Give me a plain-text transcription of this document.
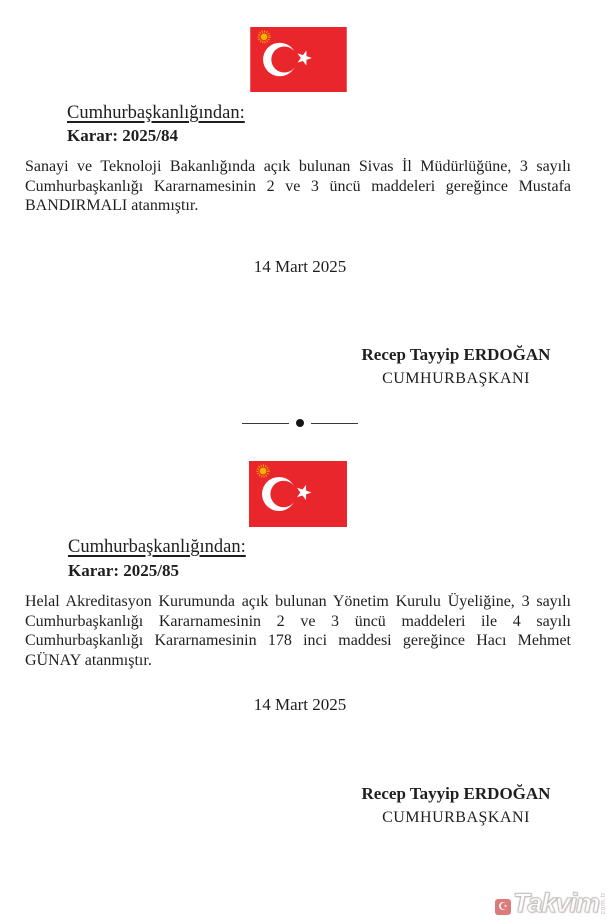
Cumhurbaşkanlığından:
Karar: 2025/84

Sanayi ve Teknoloji Bakanlığında açık bulunan Sivas İl Müdürlüğüne, 3 sayılı Cumhurbaşkanlığı Kararnamesinin 2 ve 3 üncü maddeleri gereğince Mustafa BANDIRMALI atanmıştır.

14 Mart 2025

Recep Tayyip ERDOĞAN

CUMHURBAŞKANI

Cumhurbaşkanlığından:
Karar: 2025/85

Helal Akreditasyon Kurumunda açık bulunan Yönetim Kurulu Üyeliğine, 3 sayılı Cumhurbaşkanlığı Kararnamesinin 2 ve 3 üncü maddeleri ile 4 sayılı Cumhurbaşkanlığı Kararnamesinin 178 inci maddesi gereğince Hacı Mehmet GÜNAY atanmıştır.

14 Mart 2025

Recep Tayyip ERDOĞAN

CUMHURBAŞKANI

☪ Takvim com.tr
